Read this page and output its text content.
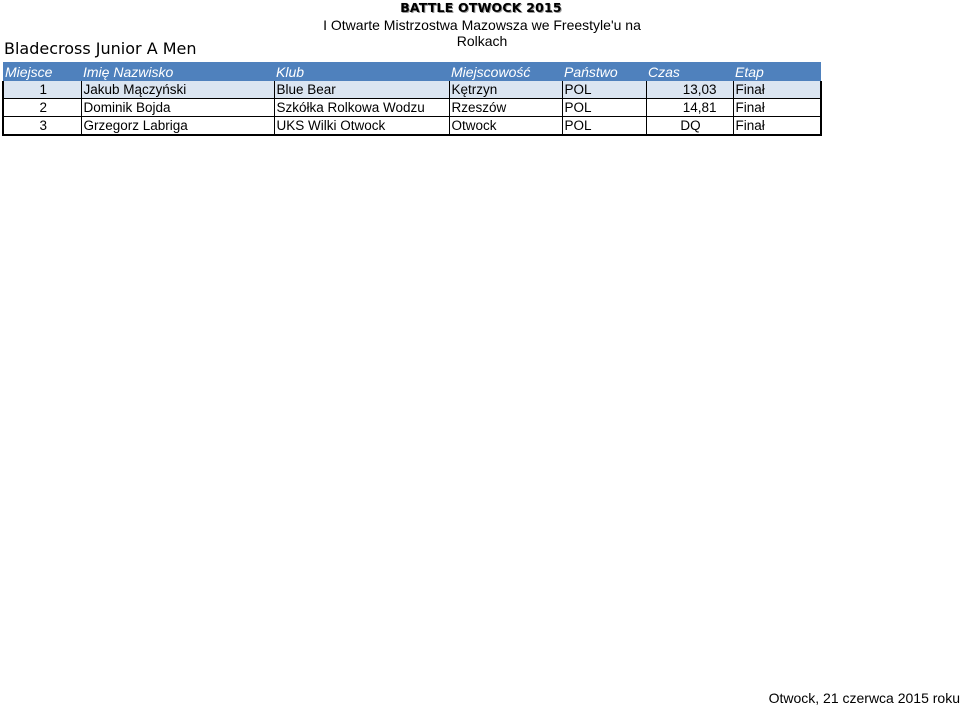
BATTLE OTWOCK 2015
I Otwarte Mistrzostwa Mazowsza we Freestyle'u na Rolkach
Bladecross Junior A Men
Miejsce	Imię Nazwisko	Klub	Miejscowość	Państwo	Czas	Etap
1	Jakub Mączyński	Blue Bear	Kętrzyn	POL	13,03	Finał
2	Dominik Bojda	Szkółka Rolkowa Wodzu	Rzeszów	POL	14,81	Finał
3	Grzegorz Labriga	UKS Wilki Otwock	Otwock	POL	DQ	Finał
Otwock, 21 czerwca 2015 roku
